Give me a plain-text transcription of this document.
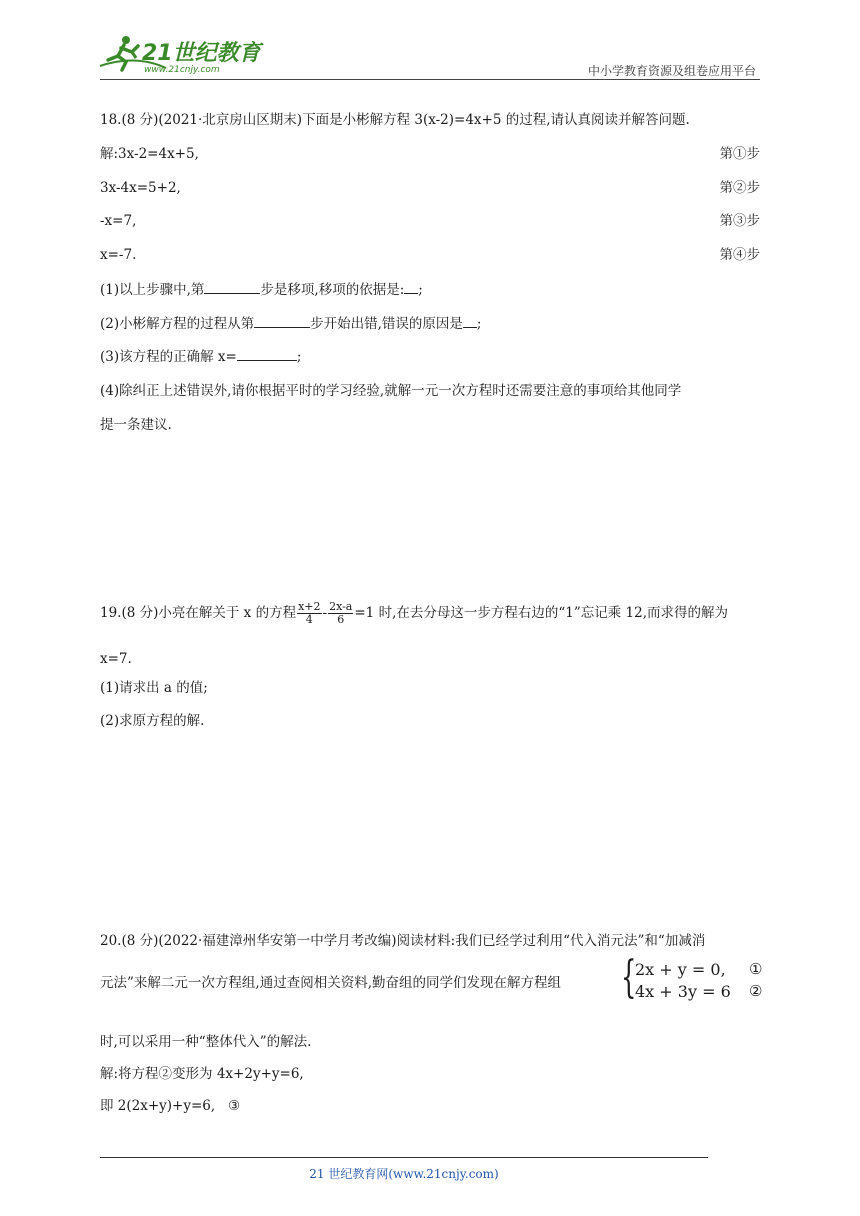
21世纪教育
www.21cnjy.com	中小学教育资源及组卷应用平台
18.(8 分)(2021·北京房山区期末)下面是小彬解方程 3(x-2)=4x+5 的过程,请认真阅读并解答问题.
解:3x-2=4x+5,	第①步
3x-4x=5+2,	第②步
-x=7,	第③步
x=-7.	第④步
(1)以上步骤中,第	步是移项,移项的依据是: ;
(2)小彬解方程的过程从第	步开始出错,错误的原因是 ;
(3)该方程的正确解 x=	;
(4)除纠正上述错误外,请你根据平时的学习经验,就解一元一次方程时还需要注意的事项给其他同学
提一条建议.
19.(8 分)小亮在解关于 x 的方程 $\frac{x+2}{4} - \frac{2x-a}{6} =1$ 时,在去分母这一步方程右边的“1”忘记乘 12,而求得的解为
x=7.
(1)请求出 a 的值;
(2)求原方程的解.
20.(8 分)(2022·福建漳州华安第一中学月考改编)阅读材料:我们已经学过利用“代入消元法”和“加减消
元法”来解二元一次方程组,通过查阅相关资料,勤奋组的同学们发现在解方程组 {
2x + y = 0,
4x + 3y = 6
①
②
时,可以采用一种“整体代入”的解法.
解:将方程②变形为 4x+2y+y=6,
即 2(2x+y)+y=6,   ③
21 世纪教育网(www.21cnjy.com)
